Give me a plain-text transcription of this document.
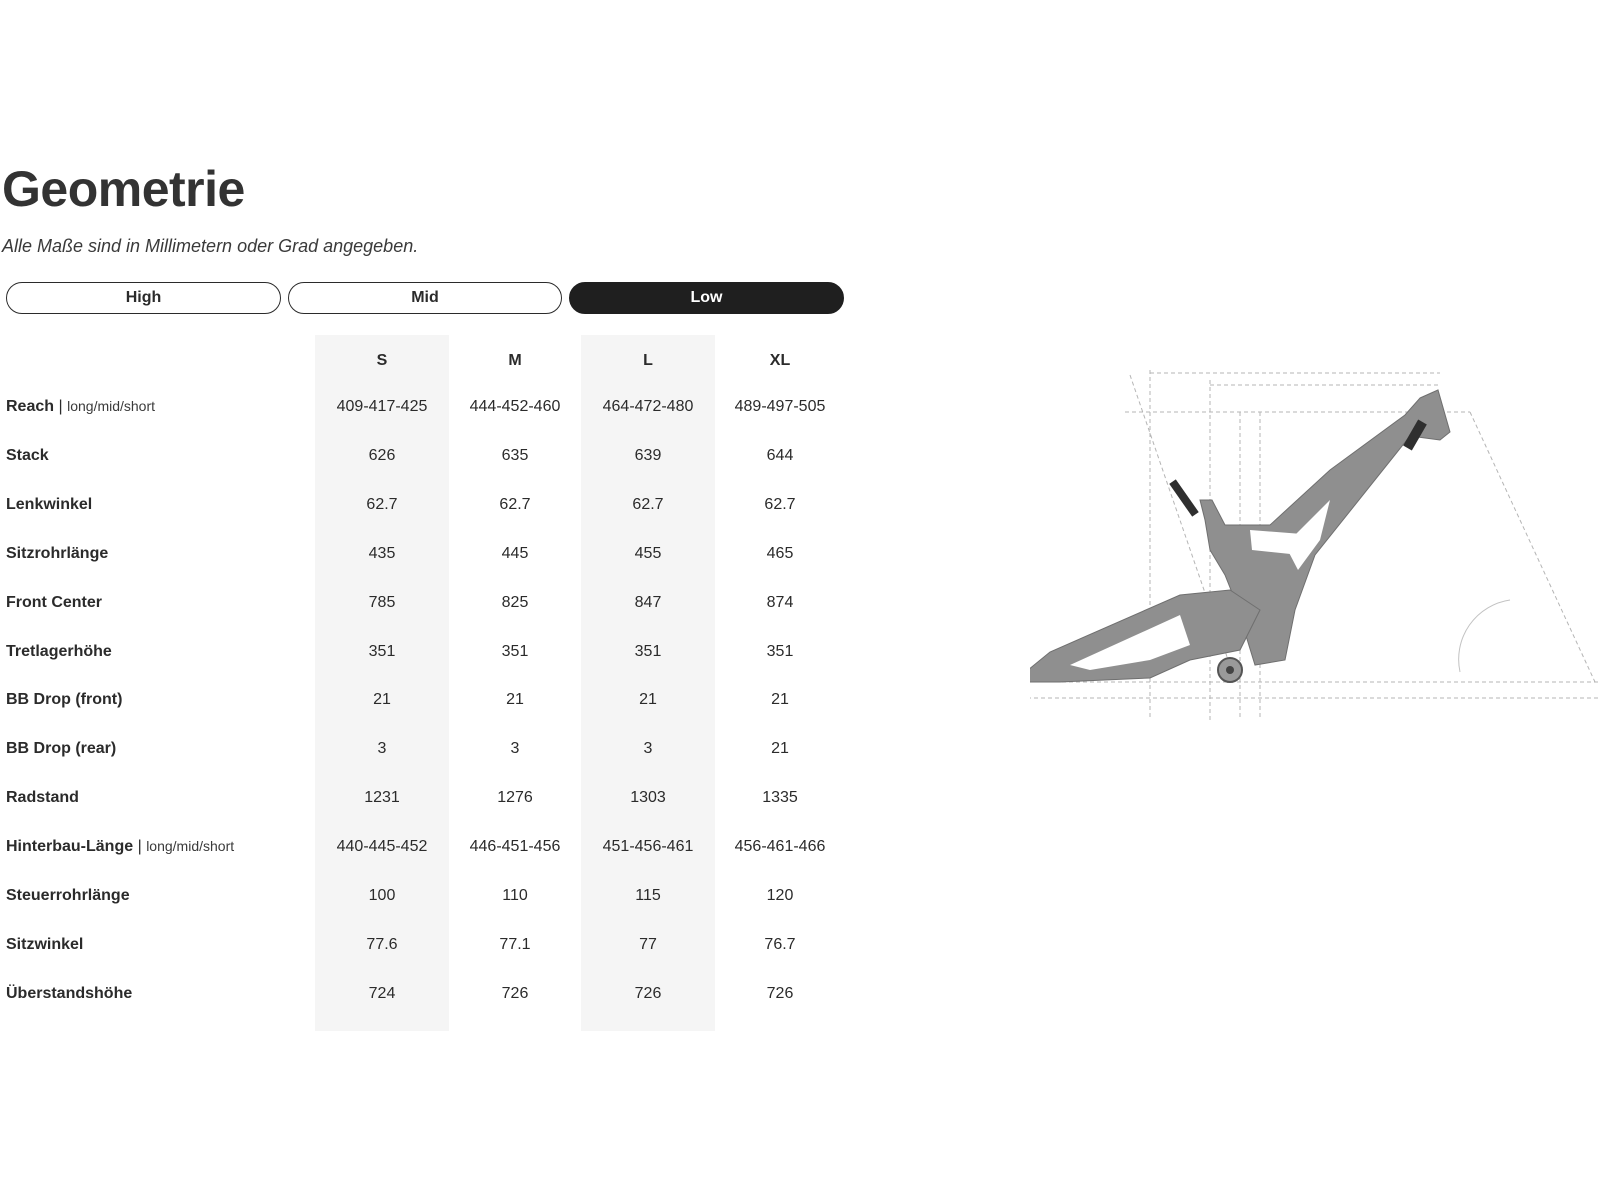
Geometrie

Alle Maße sind in Millimetern oder Grad angegeben.

High	Mid	Low
S	M	L	XL
Reach | long/mid/short	409-417-425	444-452-460	464-472-480	489-497-505
Stack	626	635	639	644
Lenkwinkel	62.7	62.7	62.7	62.7
Sitzrohrlänge	435	445	455	465
Front Center	785	825	847	874
Tretlagerhöhe	351	351	351	351
BB Drop (front)	21	21	21	21
BB Drop (rear)	3	3	3	21
Radstand	1231	1276	1303	1335
Hinterbau-Länge | long/mid/short	440-445-452	446-451-456	451-456-461	456-461-466
Steuerrohrlänge	100	110	115	120
Sitzwinkel	77.6	77.1	77	76.7
Überstandshöhe	724	726	726	726
